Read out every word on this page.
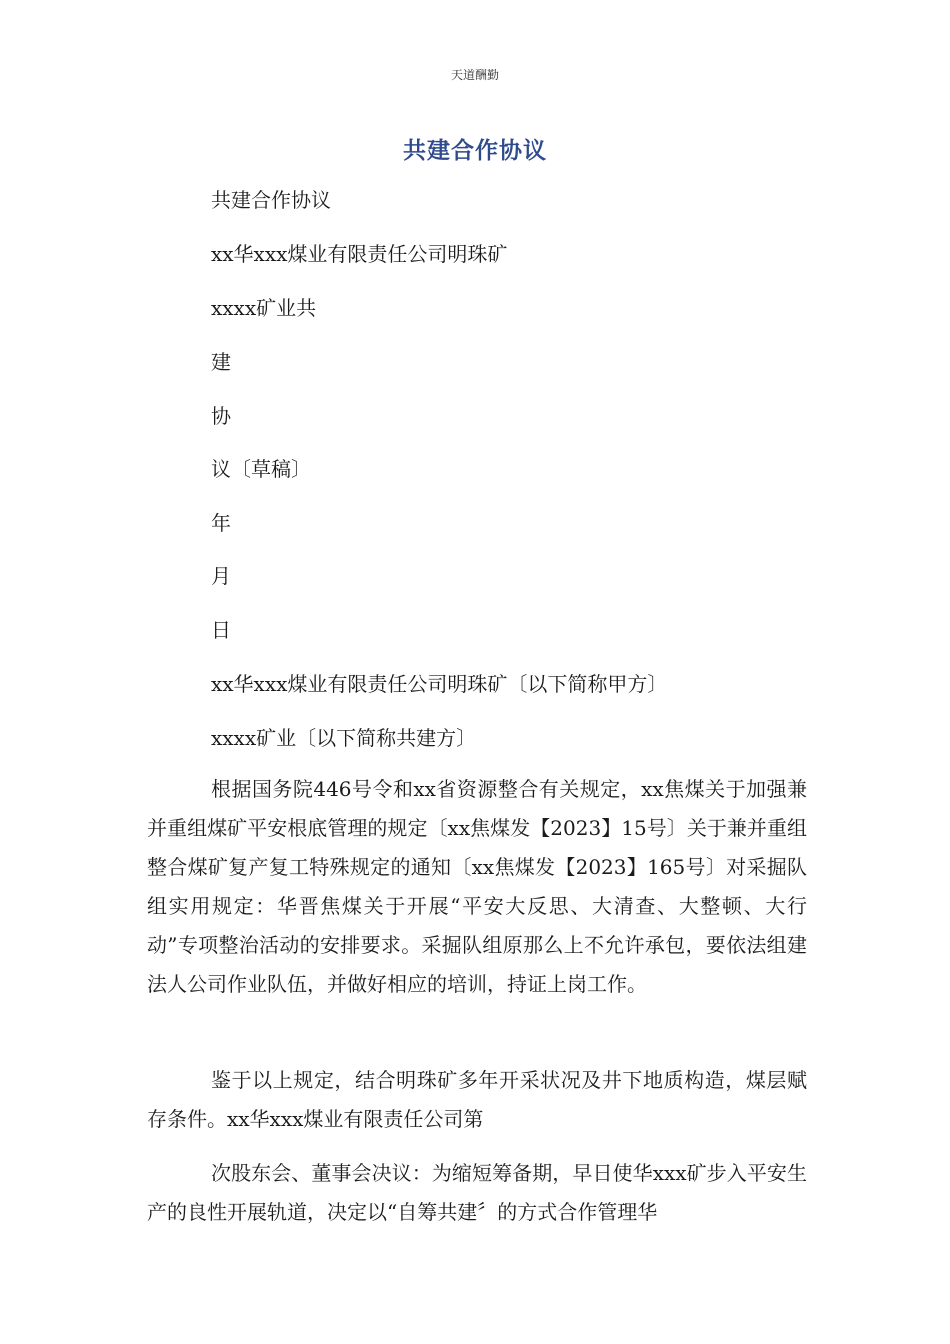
天道酬勤
共建合作协议
共建合作协议
xx华xxx煤业有限责任公司明珠矿
xxxx矿业共
建
协
议〔草稿〕
年
月
日
xx华xxx煤业有限责任公司明珠矿〔以下简称甲方〕
xxxx矿业〔以下简称共建方〕
根据国务院446号令和xx省资源整合有关规定，xx焦煤关于加强兼并重组煤矿平安根底管理的规定〔xx焦煤发【2023】15号〕关于兼并重组整合煤矿复产复工特殊规定的通知〔xx焦煤发【2023】165号〕对采掘队组实用规定：华晋焦煤关于开展“平安大反思、大清查、大整顿、大行动”专项整治活动的安排要求。采掘队组原那么上不允许承包，要依法组建法人公司作业队伍，并做好相应的培训，持证上岗工作。
鉴于以上规定，结合明珠矿多年开采状况及井下地质构造，煤层赋存条件。xx华xxx煤业有限责任公司第
次股东会、董事会决议：为缩短筹备期，早日使华xxx矿步入平安生产的良性开展轨道，决定以“自筹共建〞的方式合作管理华
